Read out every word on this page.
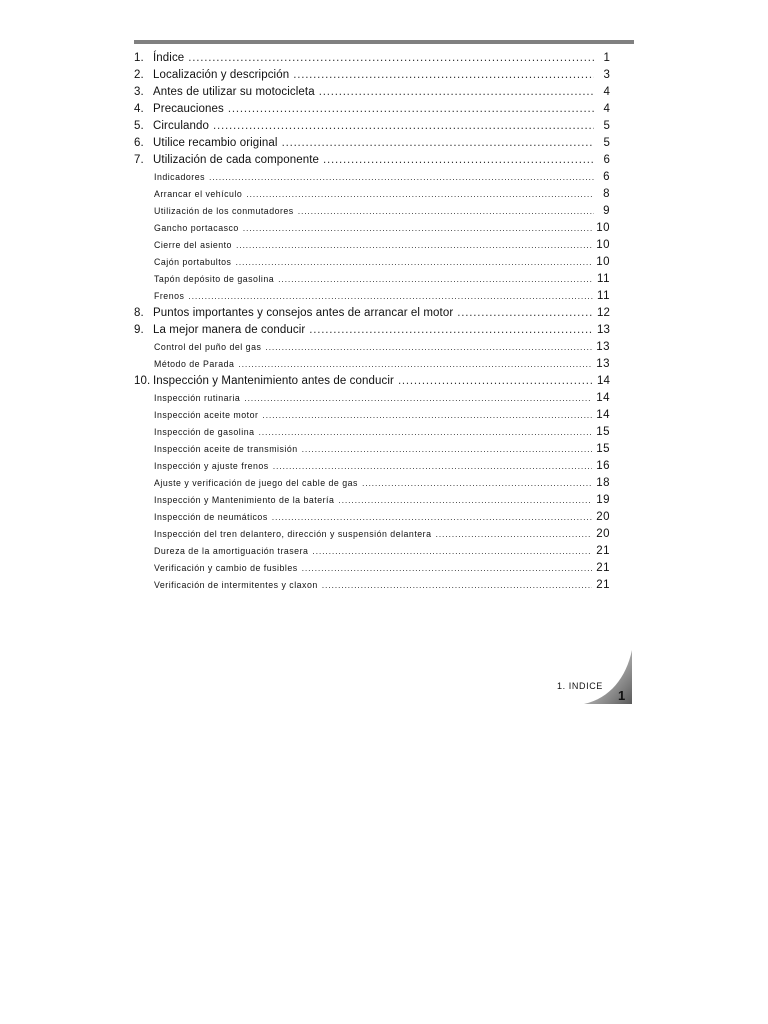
1. Índice .....	1
2. Localización y descripción .....	3
3. Antes de utilizar su motocicleta .....	4
4. Precauciones .....	4
5. Circulando .....	5
6. Utilice recambio original .....	5
7. Utilización de cada componente .....	6
Indicadores .....	6
Arrancar el vehículo .....	8
Utilización de los conmutadores .....	9
Gancho portacasco .....	10
Cierre del asiento .....	10
Cajón portabultos .....	10
Tapón depósito de gasolina .....	11
Frenos .....	11
8. Puntos importantes y consejos antes de arrancar el motor .....	12
9. La mejor manera de conducir .....	13
Control del puño del gas .....	13
Método de Parada .....	13
10. Inspección y Mantenimiento antes de conducir .....	14
Inspección rutinaria .....	14
Inspección aceite motor .....	14
Inspección de gasolina .....	15
Inspección aceite de transmisión .....	15
Inspección y ajuste frenos .....	16
Ajuste y verificación de juego del cable de gas .....	18
Inspección y Mantenimiento de la batería .....	19
Inspección de neumáticos .....	20
Inspección del tren delantero, dirección y suspensión delantera .....	20
Dureza de la amortiguación trasera .....	21
Verificación y cambio de fusibles .....	21
Verificación de intermitentes y claxon .....	21
1. INDICE
1
